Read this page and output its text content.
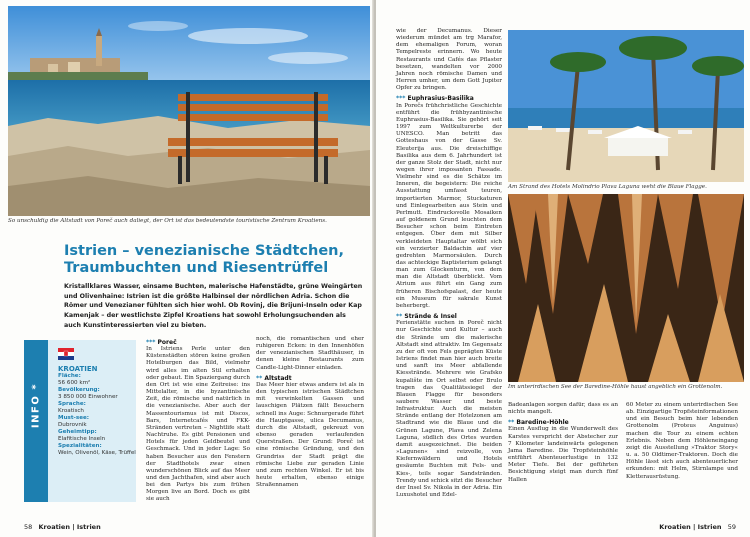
So unschuldig die Altstadt von Poreč auch daliegt, der Ort ist das bedeutendste touristische Zentrum Kroatiens.
Istrien – venezianische Städtchen, Traumbuchten und Riesentrüffel

Kristallklares Wasser, einsame Buchten, malerische Hafenstädte, grüne Weingärten und Olivenhaine: Istrien ist die größte Halbinsel der nördlichen Adria. Schon die Römer und Venezianer fühlten sich hier wohl. Ob Rovinj, die Brijuni-Inseln oder Kap Kamenjak – der westlichste Zipfel Kroatiens hat sowohl Erholungsuchenden als auch Kunstinteressierten viel zu bieten.

INFO *
KROATIEN
Fläche:
56 600 km²
Bevölkerung:
3 850 000 Einwohner
Sprache:
Kroatisch
Must-see:
Dubrovnik
Geheimtipp:
Elafitische Inseln
Spezialitäten:
Wein, Olivenöl, Käse, Trüffel
*** Poreč

In Istriens Perle unter den Küstenstädten stören keine großen Hotelburgen das Bild, vielmehr wird alles im alten Stil erhalten oder gebaut. Ein Spaziergang durch den Ort ist wie eine Zeitreise: ins Mittelalter, in die byzantinische Zeit, die römische und natürlich in die venezianische. Aber auch der Massentourismus ist mit Discos, Bars, Internetcafés und FKK-Stränden vertreten – Nightlife statt Nachtruhe. Es gibt Pensionen und Hotels für jeden Geldbeutel und Geschmack. Und in jeder Lage: So haben Besucher aus den Fenstern der Stadthotels zwar einen wunderschönen Blick auf das Meer und den Jachthafen, sind aber auch bei den Partys bis zum frühen Morgen live an Bord. Doch es gibt sie auch

noch, die romantischen und eher ruhigeren Ecken: in den Innenhöfen der venezianischen Stadthäuser, in denen kleine Restaurants zum Candle-Light-Dinner einladen.

** Altstadt

Das Meer hier etwas anders ist als in den typischen istrischen Städtchen mit verwinkelten Gassen und lauschigen Plätzen fällt Besuchern schnell ins Auge: Schnurgerade führt die Hauptgasse, ulica Decumanus, durch die Altstadt, gekreuzt von ebenso geraden verlaufenden Querstraßen. Der Grund: Poreč ist eine römische Gründung, und den Grundriss der Stadt prägt die römische Liebe zur geraden Linie und zum rechten Winkel. Er ist bis heute erhalten, ebenso einige Straßennamen

58 Kroatien | Istrien

wie der Decumanus. Dieser wiederum mündet am trg Marafor, dem ehemaligen Forum, woran Tempelreste erinnern. Wo heute Restaurants und Cafés das Pflaster besetzen, wandelten vor 2000 Jahren noch römische Damen und Herren umher, um dem Gott Jupiter Opfer zu bringen.

*** Euphrasius-Basilika

In Porečs frühchristliche Geschichte entführt die frühbyzantinische Euphrasius-Basilika. Sie gehört seit 1997 zum Weltkulturerbe der UNESCO. Man betritt das Gotteshaus von der Gasse Sv. Eleuterija aus. Die dreischiffige Basilika aus dem 6. Jahrhundert ist der ganze Stolz der Stadt, nicht nur wegen ihrer imposanten Fassade. Vielmehr sind es die Schätze im Inneren, die begeistern: Die reiche Ausstattung umfasst teuren, importierten Marmor, Stuckaturen und Einlegearbeiten aus Stein und Perlmutt. Eindrucksvolle Mosaiken auf goldenem Grund leuchten dem Besucher schon beim Eintreten entgegen. Über dem mit Silber verkleideten Hauptaltar wölbt sich ein verzierter Baldachin auf vier gedrehten Marmorsäulen. Durch das achteckige Baptisterium gelangt man zum Glockenturm, von dem man die Altstadt überblickt. Vom Atrium aus führt ein Gang zum früheren Bischofspalast, der heute ein Museum für sakrale Kunst beherbergt.

** Strände & Insel

Ferienstätte suchen in Poreč nicht nur Geschichte und Kultur – auch die Strände um die malerische Altstadt sind attraktiv. Im Gegensatz zu der oft von Fels geprägten Küste Istriens findet man hier auch breite und sanft ins Meer abfallende Kiesstrände. Mehrere wie Grafsko kupalište im Ort selbst oder Brulo tragen das Qualitätssiegel der Blauen Flagge für besonders saubere Wasser und beste Infrastruktur. Auch die meisten Strände entlang der Hotelzonen am Stadtrand wie die Blaue und die Grünen Lagune, Plava und Zelena Laguna, südlich des Ortes wurden damit ausgezeichnet. Die beiden »Lagunen« sind reizvolle, von Kiefernwäldern und Hotels gesäumte Buchten mit Fels- und Kies-, teils sogar Sandstränden. Trendy und schick sitzt die Besucher der Insel Sv. Nikola in der Adria. Ein Luxushotel und Edel-

Am Strand des Hotels Molindrio Plava Laguna weht die Blaue Flagge.
Im unterirdischen See der Baredine-Höhle haust angeblich ein Grottenolm.

Badeanlagen sorgen dafür, dass es an nichts mangelt.

** Baredine-Höhle

Einen Ausflug in die Wunderwelt des Karstes verspricht der Abstecher zur 7 Kilometer landeinwärts gelegenen Jama Baredine. Die Tropfsteinhöhle entführt Abenteuerlustige in 132 Meter Tiefe. Bei der geführten Besichtigung steigt man durch fünf Hallen

60 Meter zu einem unterirdischen See ab. Einzigartige Tropfsteinformationen und ein Besuch beim hier lebenden Grottenolm (Proteus Anguinus) machen die Tour zu einem echten Erlebnis. Neben dem Höhleneingang zeigt die Ausstellung »Traktor Story« u. a. 50 Oldtimer-Traktoren. Doch die Höhle lässt sich auch abenteuerlicher erkunden: mit Helm, Stirnlampe und Kletterausrüstung.

Kroatien | Istrien 59
